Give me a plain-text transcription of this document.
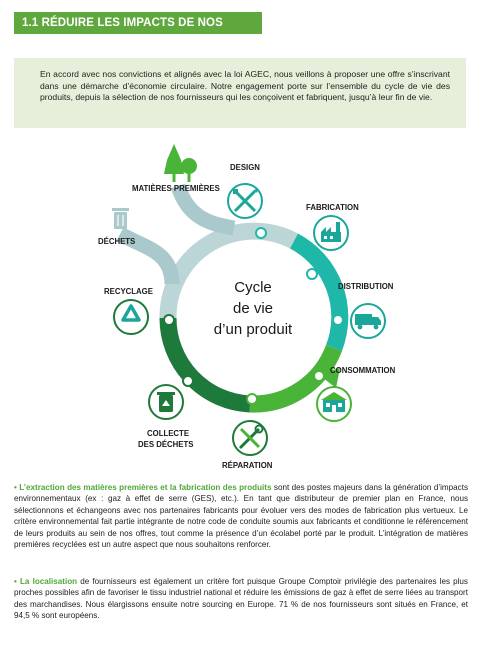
1.1 RÉDUIRE LES IMPACTS DE NOS PRODUITS
En accord avec nos convictions et alignés avec la loi AGEC, nous veillons à proposer une offre s’inscrivant dans une démarche d’économie circulaire. Notre engagement porte sur l’ensemble du cycle de vie des produits, depuis la sélection de nos fournisseurs qui les conçoivent et fabriquent, jusqu’à leur fin de vie.
Cycle
de vie
d’un produit
MATIÈRES PREMIÈRES
DESIGN
FABRICATION
DISTRIBUTION
CONSOMMATION
RÉPARATION
COLLECTE
DES DÉCHETS
RECYCLAGE
DÉCHETS

• L’extraction des matières premières et la fabrication des produits sont des postes majeurs dans la génération d’impacts environnementaux (ex : gaz à effet de serre (GES), etc.). En tant que distributeur de premier plan en France, nous sélectionnons et échangeons avec nos partenaires fabricants pour évoluer vers des modes de fabrication plus vertueux. Le critère environnemental fait partie intégrante de notre code de conduite soumis aux fabricants et conditionne le référencement de leurs produits au sein de nos offres, tout comme la présence d’un écolabel porté par le produit. L’intégration de matières premières recyclées est un autre aspect que nous souhaitons renforcer.

• La localisation de fournisseurs est également un critère fort puisque Groupe Comptoir privilégie des partenaires les plus proches possibles afin de favoriser le tissu industriel national et réduire les émissions de gaz à effet de serre liées au transport des marchandises. Nous élargissons ensuite notre sourcing en Europe. 71 % de nos fournisseurs sont situés en France, et 94,5 % sont européens.
